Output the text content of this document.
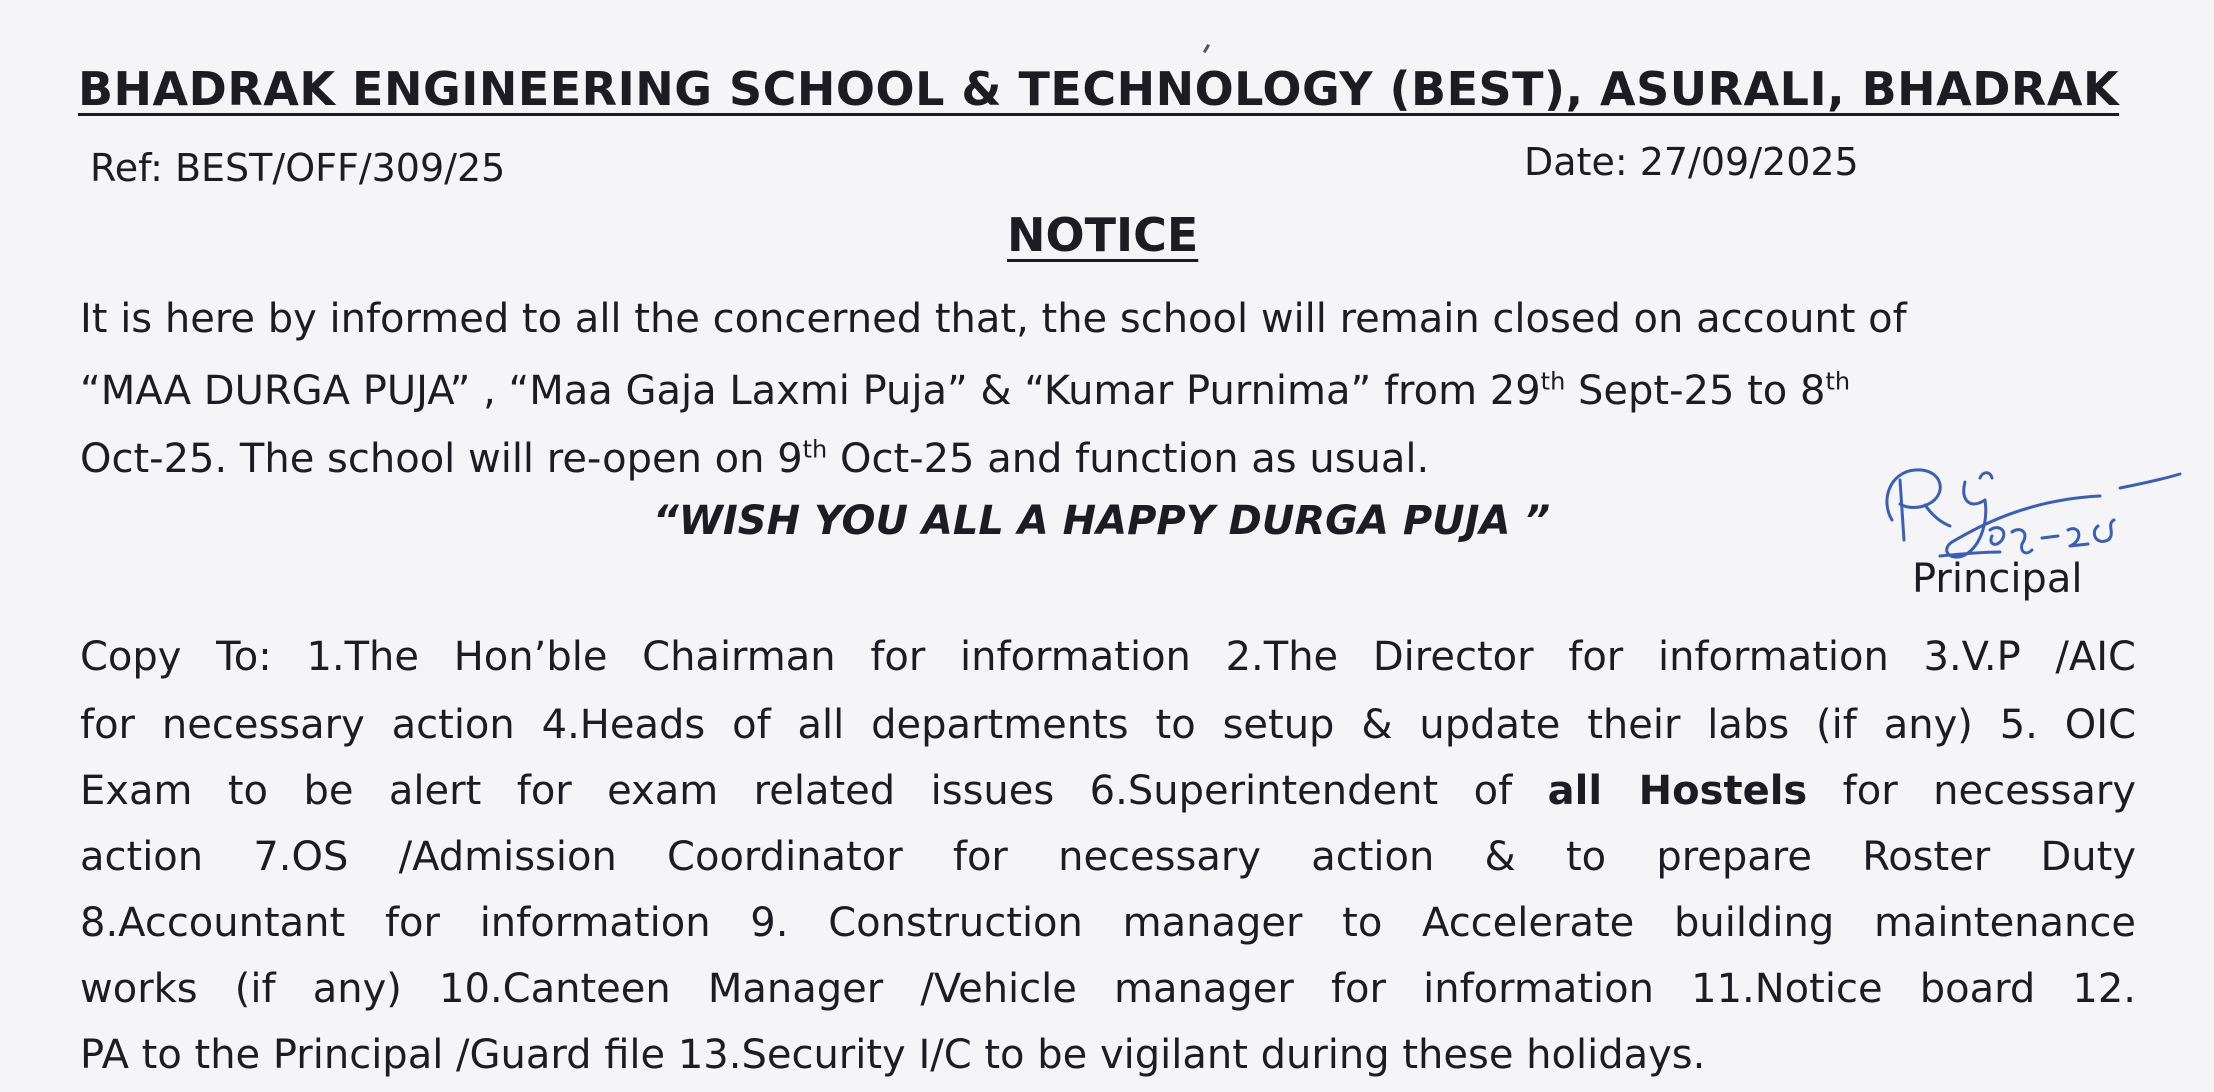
BHADRAK ENGINEERING SCHOOL & TECHNOLOGY (BEST), ASURALI, BHADRAK

Ref: BEST/OFF/309/25	Date: 27/09/2025

NOTICE

It is here by informed to all the concerned that, the school will remain closed on account of

“MAA DURGA PUJA” , “Maa Gaja Laxmi Puja” & “Kumar Purnima” from 29th Sept-25 to 8th

Oct-25. The school will re-open on 9th Oct-25 and function as usual.

“WISH YOU ALL A HAPPY DURGA PUJA ”

Principal

Copy To: 1.The Hon’ble Chairman for information 2.The Director for information 3.V.P /AIC

for necessary action 4.Heads of all departments to setup & update their labs (if any) 5. OIC

Exam to be alert for exam related issues 6.Superintendent of all Hostels for necessary

action 7.OS /Admission Coordinator for necessary action & to prepare Roster Duty

8.Accountant for information 9. Construction manager to Accelerate building maintenance

works (if any) 10.Canteen Manager /Vehicle manager for information 11.Notice board 12.

PA to the Principal /Guard file 13.Security I/C to be vigilant during these holidays.
